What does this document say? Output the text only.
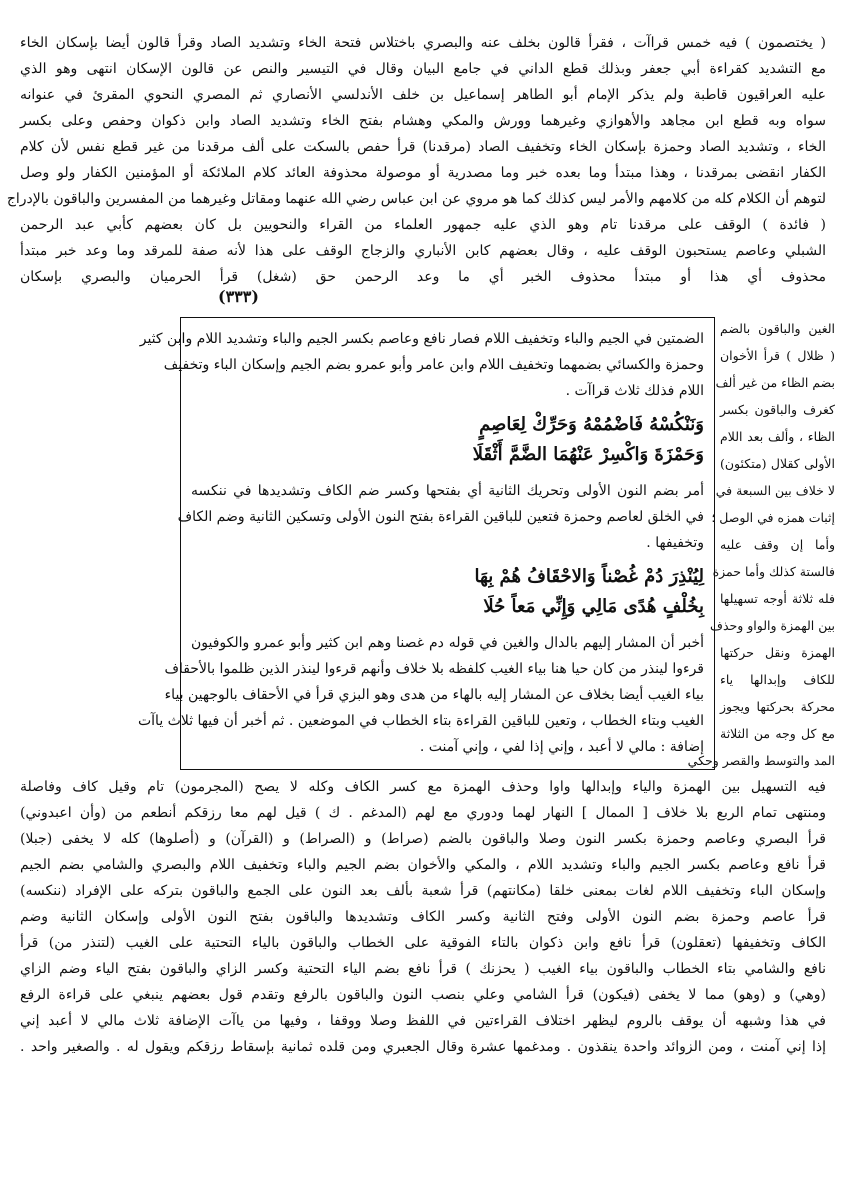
( يختصمون ) فيه خمس قراآت ، فقرأ قالون بخلف عنه والبصري باختلاس فتحة الخاء وتشديد الصاد وقرأ قالون أيضا بإسكان الخاء
مع التشديد كقراءة أبي جعفر وبذلك قطع الداني في جامع البيان وقال في التيسير والنص عن قالون الإسكان انتهى وهو الذي
عليه العراقيون قاطبة ولم يذكر الإمام أبو الطاهر إسماعيل بن خلف الأندلسي الأنصاري ثم المصري النحوي المقرئ في عنوانه
سواه وبه قطع ابن مجاهد والأهوازي وغيرهما وورش والمكي وهشام بفتح الخاء وتشديد الصاد وابن ذكوان وحفص وعلى بكسر
الخاء ، وتشديد الصاد وحمزة بإسكان الخاء وتخفيف الصاد (مرقدنا) قرأ حفص بالسكت على ألف مرقدنا من غير قطع نفس لأن كلام
الكفار انقضى بمرقدنا ، وهذا مبتدأ وما بعده خبر وما مصدرية أو موصولة محذوفة العائد كلام الملائكة أو المؤمنين الكفار ولو وصل
لتوهم أن الكلام كله من كلامهم والأمر ليس كذلك كما هو مروي عن ابن عباس رضي الله عنهما ومقاتل وغيرهما من المفسرين والباقون بالإدراج
( فائدة ) الوقف على مرقدنا تام وهو الذي عليه جمهور العلماء من القراء والنحويين بل كان بعضهم كأبي عبد الرحمن
الشبلي وعاصم يستحبون الوقف عليه ، وقال بعضهم كابن الأنباري والزجاج الوقف على هذا لأنه صفة للمرقد وما وعد خبر مبتدأ
محذوف أي هذا أو مبتدأ محذوف الخبر أي ما وعد الرحمن حق (شغل) قرأ الحرميان والبصري بإسكان
(٣٣٣)
الغين والباقون بالضم
( ظلال ) قرأ الأخوان
بضم الظاء من غير ألف
كغرف والباقون بكسر
الظاء ، وألف بعد اللام
الأولى كقلال (متكئون)
لا خلاف بين السبعة في
إثبات همزه في الوصل ؛
وأما إن وقف عليه
فالستة كذلك وأما حمزة
فله ثلاثة أوجه تسهيلها
بين الهمزة والواو وحذف
الهمزة ونقل حركتها
للكاف وإبدالها ياء
محركة بحركتها ويجوز
مع كل وجه من الثلاثة
المد والتوسط والقصر وحكي
الضمتين في الجيم والباء وتخفيف اللام فصار نافع وعاصم بكسر الجيم والباء وتشديد اللام وابن كثير
وحمزة والكسائي بضمهما وتخفيف اللام وابن عامر وأبو عمرو بضم الجيم وإسكان الباء وتخفيف
اللام فذلك ثلاث قراآت .
وَنَنْكُسْهُ فَاضْمُمْهُ وَحَرِّكْ لِعَاصِمٍ
وَحَمْزَةَ وَاكْسِرْ عَنْهُمَا الضَّمَّ أَثْقَلَا
أمر بضم النون الأولى وتحريك الثانية أي بفتحها وكسر ضم الكاف وتشديدها في ننكسه
في الخلق لعاصم وحمزة فتعين للباقين القراءة بفتح النون الأولى وتسكين الثانية وضم الكاف
وتخفيفها .
لِيُنْذِرَ دُمْ غُصْناً وَالاحْقَافُ هُمْ بِهَا
بِخُلْفٍ هُدًى مَالِي وَإِنِّي مَعاً حُلَا
أخبر أن المشار إليهم بالدال والغين في قوله دم غصنا وهم ابن كثير وأبو عمرو والكوفيون
قرءوا لينذر من كان حيا هنا بياء الغيب كلفظه بلا خلاف وأنهم قرءوا لينذر الذين ظلموا بالأحقاف
بياء الغيب أيضا بخلاف عن المشار إليه بالهاء من هدى وهو البزي قرأ في الأحقاف بالوجهين بياء
الغيب وبتاء الخطاب ، وتعين للباقين القراءة بتاء الخطاب في الموضعين . ثم أخبر أن فيها ثلاث ياآت
إضافة : مالي لا أعبد ، وإني إذا لفي ، وإني آمنت .
فيه التسهيل بين الهمزة والياء وإبدالها واوا وحذف الهمزة مع كسر الكاف وكله لا يصح (المجرمون) تام وقيل كاف وفاصلة
ومنتهى تمام الربع بلا خلاف [ الممال ] النهار لهما ودوري مع لهم (المدغم . ك ) قيل لهم معا رزقكم أنطعم من (وأن اعبدوني)
قرأ البصري وعاصم وحمزة بكسر النون وصلا والباقون بالضم (صراط) و (الصراط) و (القرآن) و (أصلوها) كله لا يخفى (جبلا)
قرأ نافع وعاصم بكسر الجيم والباء وتشديد اللام ، والمكي والأخوان بضم الجيم والباء وتخفيف اللام والبصري والشامي بضم الجيم
وإسكان الباء وتخفيف اللام لغات بمعنى خلقا (مكانتهم) قرأ شعبة بألف بعد النون على الجمع والباقون بتركه على الإفراد (ننكسه)
قرأ عاصم وحمزة بضم النون الأولى وفتح الثانية وكسر الكاف وتشديدها والباقون بفتح النون الأولى وإسكان الثانية وضم
الكاف وتخفيفها (تعقلون) قرأ نافع وابن ذكوان بالتاء الفوقية على الخطاب والباقون بالياء التحتية على الغيب (لتنذر من) قرأ
نافع والشامي بتاء الخطاب والباقون بياء الغيب ( يحزنك ) قرأ نافع بضم الياء التحتية وكسر الزاي والباقون بفتح الياء وضم الزاي
(وهي) و (وهو) مما لا يخفى (فيكون) قرأ الشامي وعلي بنصب النون والباقون بالرفع وتقدم قول بعضهم ينبغي على قراءة الرفع
في هذا وشبهه أن يوقف بالروم ليظهر اختلاف القراءتين في اللفظ وصلا ووقفا ، وفيها من ياآت الإضافة ثلاث مالي لا أعبد إني
إذا إني آمنت ، ومن الزوائد واحدة ينقذون . ومدغمها عشرة وقال الجعبري ومن قلده ثمانية بإسقاط رزقكم ويقول له . والصغير واحد .
